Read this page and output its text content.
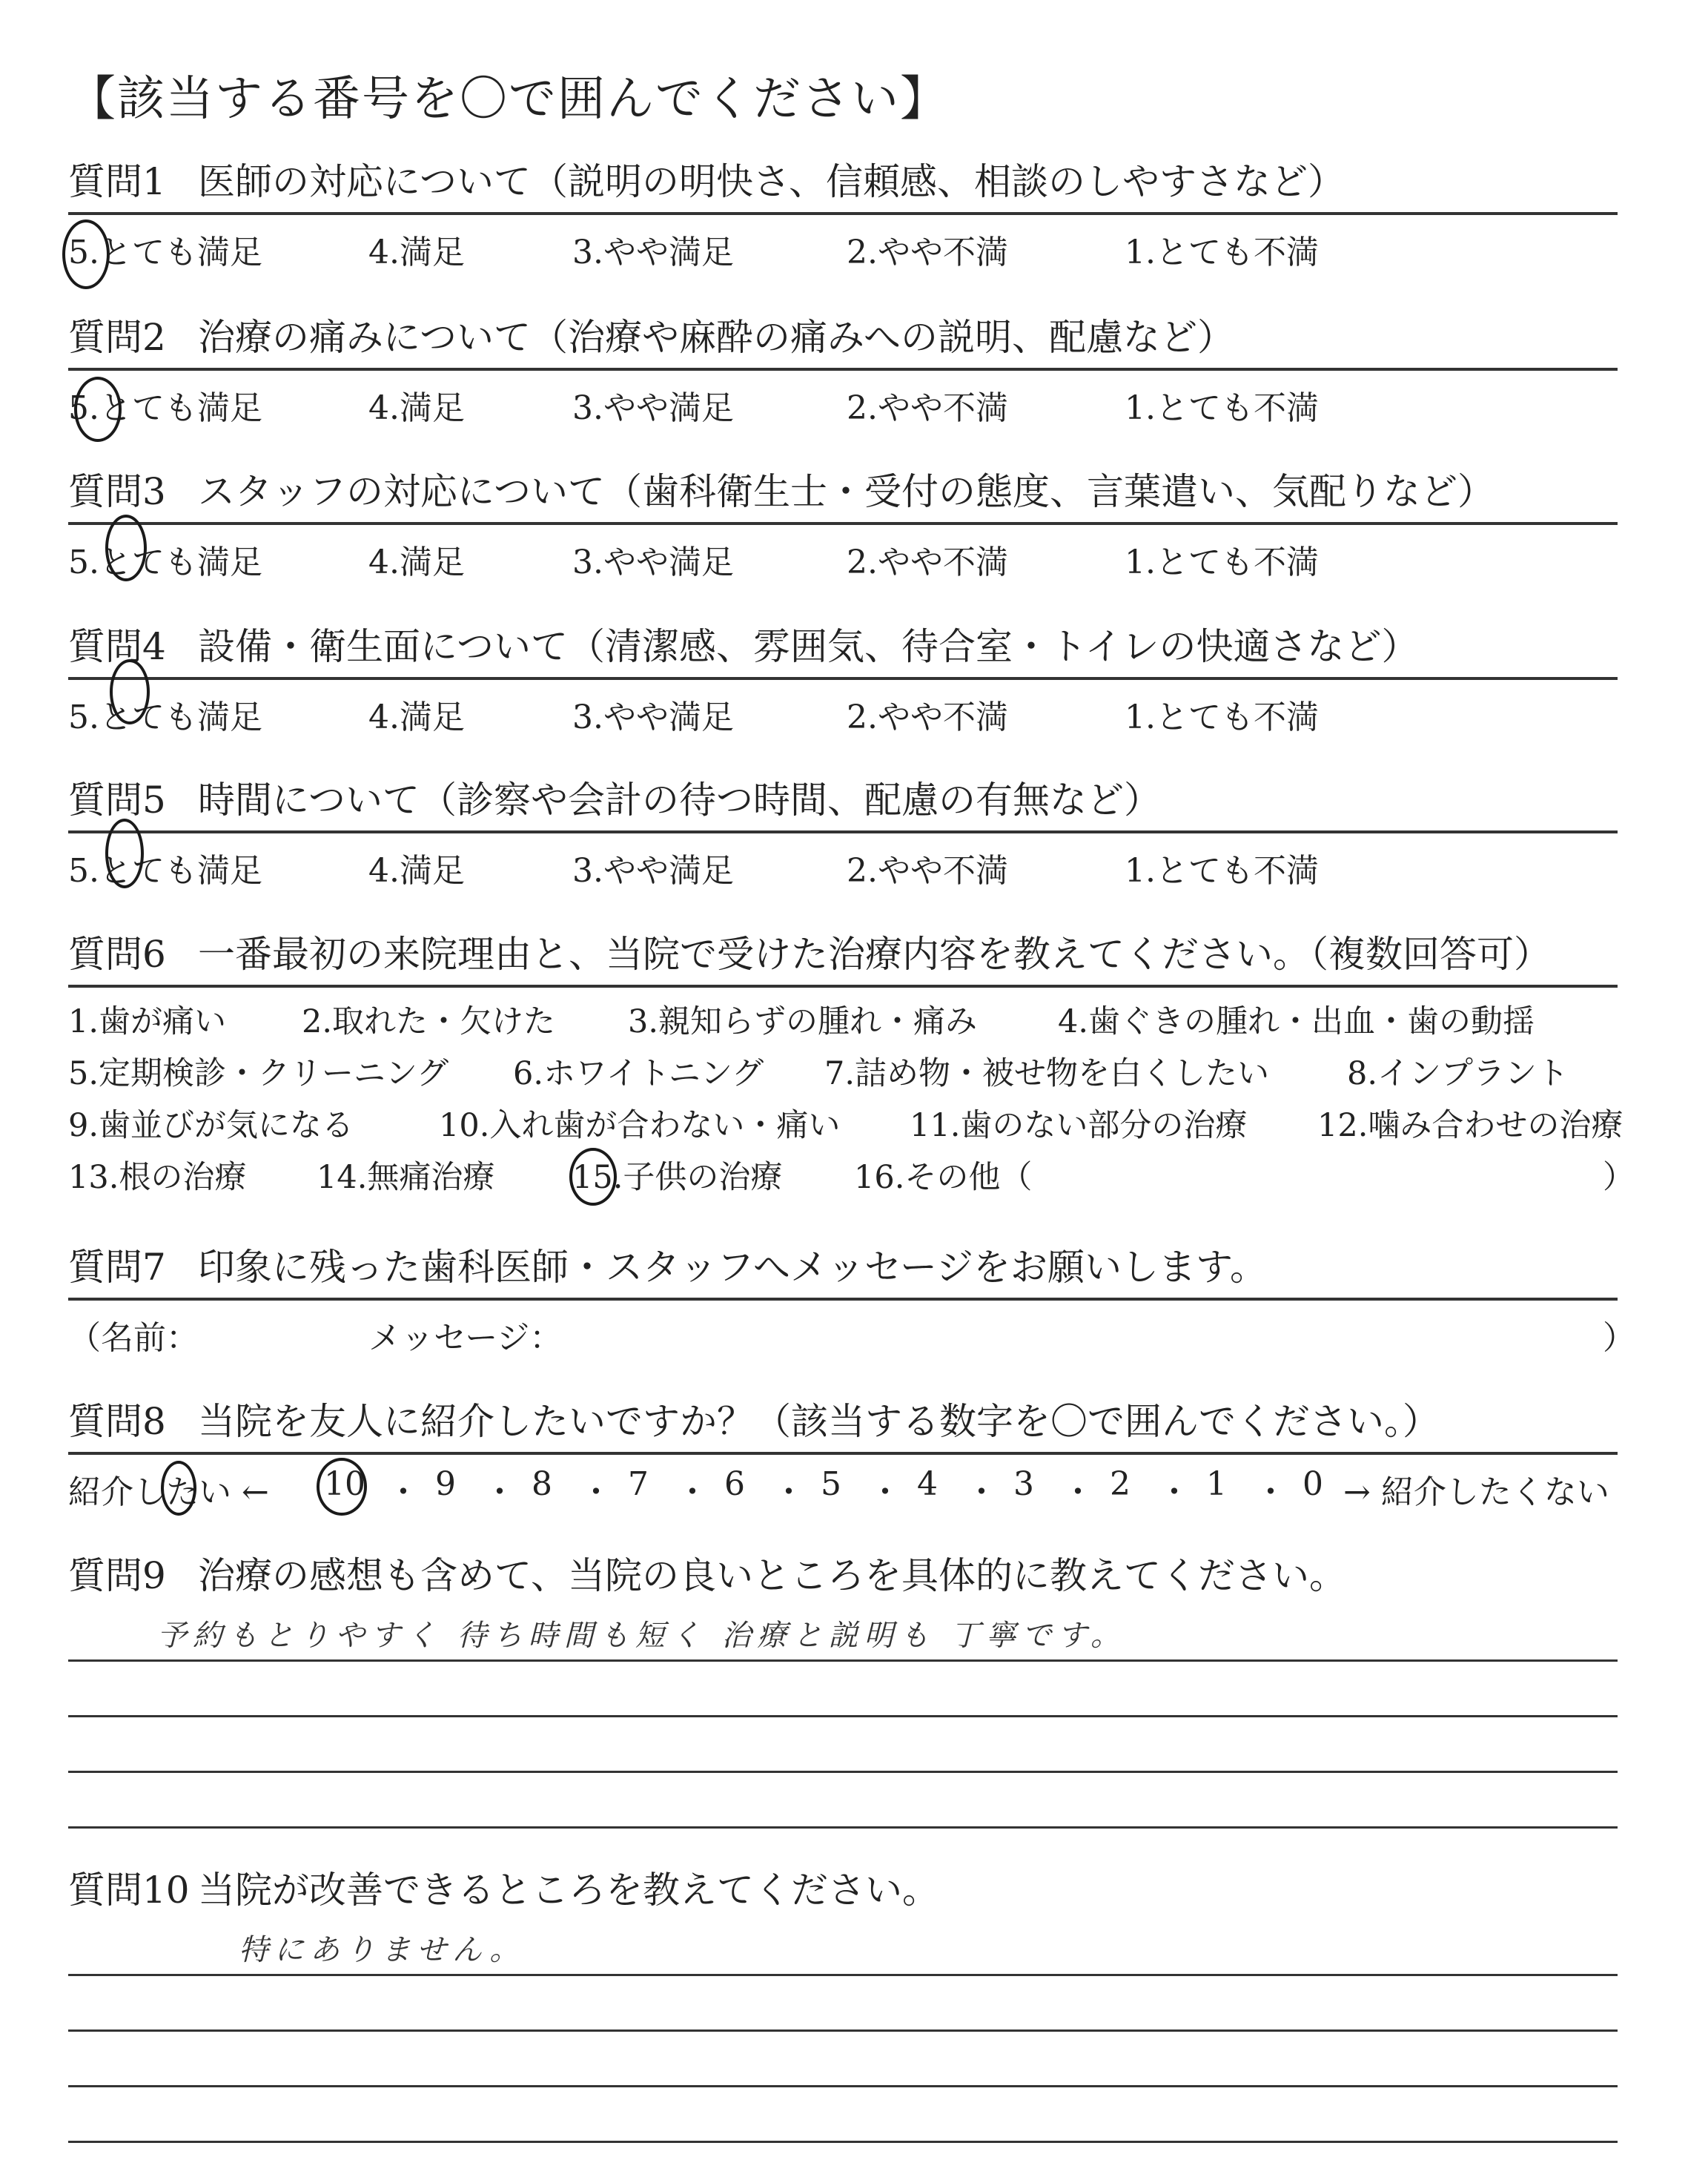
【該当する番号を〇で囲んでください】
質問1 医師の対応について（説明の明快さ、信頼感、相談のしやすさなど）
5.とても満足	4.満足	3.やや満足	2.やや不満	1.とても不満
質問2 治療の痛みについて（治療や麻酔の痛みへの説明、配慮など）
5.とても満足	4.満足	3.やや満足	2.やや不満	1.とても不満
質問3 スタッフの対応について（歯科衛生士・受付の態度、言葉遣い、気配りなど）
5.とても満足	4.満足	3.やや満足	2.やや不満	1.とても不満
質問4 設備・衛生面について（清潔感、雰囲気、待合室・トイレの快適さなど）
5.とても満足	4.満足	3.やや満足	2.やや不満	1.とても不満
質問5 時間について（診察や会計の待つ時間、配慮の有無など）
5.とても満足	4.満足	3.やや満足	2.やや不満	1.とても不満
質問6 一番最初の来院理由と、当院で受けた治療内容を教えてください。（複数回答可）
1.歯が痛い 2.取れた・欠けた 3.親知らずの腫れ・痛み	4.歯ぐきの腫れ・出血・歯の動揺
5.定期検診・クリーニング 6.ホワイトニング 7.詰め物・被せ物を白くしたい 8.インプラント
9.歯並びが気になる	10.入れ歯が合わない・痛い 11.歯のない部分の治療 12.噛み合わせの治療
13.根の治療 14.無痛治療 15.子供の治療 16.その他（	）
質問7 印象に残った歯科医師・スタッフへメッセージをお願いします。
（名前：	メッセージ：	）
質問8 当院を友人に紹介したいですか？（該当する数字を〇で囲んでください。）
紹介したい ← 10 ・ 9 ・ 8 ・ 7 ・ 6 ・ 5 ・ 4 ・ 3 ・ 2 ・ 1 ・ 0 → 紹介したくない
質問9 治療の感想も含めて、当院の良いところを具体的に教えてください。
予約もとりやすく 待ち時間も短く 治療と説明も 丁寧です。
質問10 当院が改善できるところを教えてください。
特にありません。
